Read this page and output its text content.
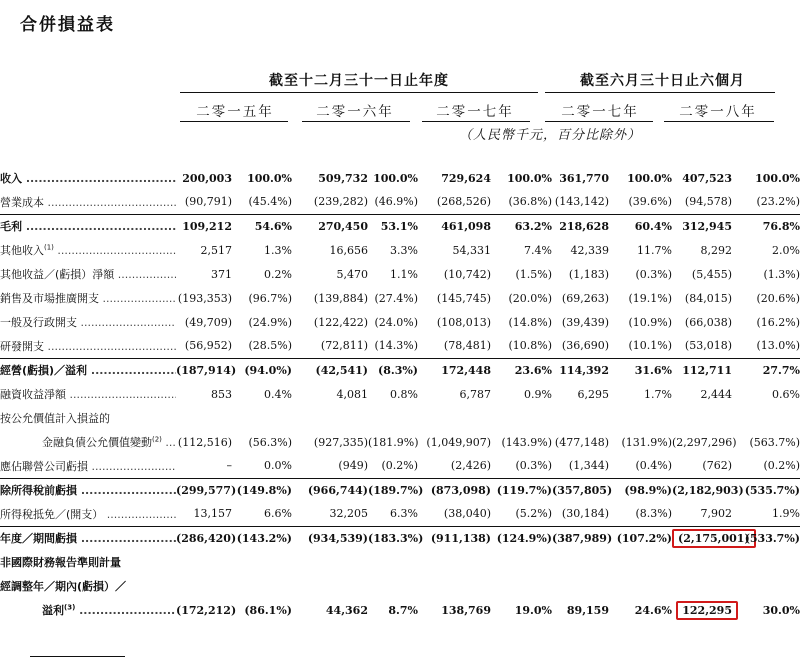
合併損益表
截至十二月三十一日止年度	截至六月三十日止六個月
二零一五年	二零一六年	二零一七年	二零一七年	二零一八年
（人民幣千元，百分比除外）
收入 .....	200,003	100.0%	509,732	100.0%	729,624	100.0%	361,770	100.0%	407,523	100.0%
營業成本 .....	(90,791)	(45.4%)	(239,282)	(46.9%)	(268,526)	(36.8%)	(143,142)	(39.6%)	(94,578)	(23.2%)
毛利 .....	109,212	54.6%	270,450	53.1%	461,098	63.2%	218,628	60.4%	312,945	76.8%
其他收入$^{(1)}$ .....	2,517	1.3%	16,656	3.3%	54,331	7.4%	42,339	11.7%	8,292	2.0%
其他收益／(虧損）淨額 .....	371	0.2%	5,470	1.1%	(10,742)	(1.5%)	(1,183)	(0.3%)	(5,455)	(1.3%)
銷售及市場推廣開支 .....	(193,353)	(96.7%)	(139,884)	(27.4%)	(145,745)	(20.0%)	(69,263)	(19.1%)	(84,015)	(20.6%)
一般及行政開支 .....	(49,709)	(24.9%)	(122,422)	(24.0%)	(108,013)	(14.8%)	(39,439)	(10.9%)	(66,038)	(16.2%)
研發開支 .....	(56,952)	(28.5%)	(72,811)	(14.3%)	(78,481)	(10.8%)	(36,690)	(10.1%)	(53,018)	(13.0%)
經營(虧損)／溢利 .....	(187,914)	(94.0%)	(42,541)	(8.3%)	172,448	23.6%	114,392	31.6%	112,711	27.7%
融資收益淨額 .....	853	0.4%	4,081	0.8%	6,787	0.9%	6,295	1.7%	2,444	0.6%
按公允價值計入損益的										
金融負債公允價值變動$^{(2)}$ .....	(112,516)	(56.3%)	(927,335)	(181.9%)	(1,049,907)	(143.9%)	(477,148)	(131.9%)	(2,297,296)	(563.7%)
應佔聯營公司虧損 .....	–	0.0%	(949)	(0.2%)	(2,426)	(0.3%)	(1,344)	(0.4%)	(762)	(0.2%)
除所得稅前虧損 .....	(299,577)	(149.8%)	(966,744)	(189.7%)	(873,098)	(119.7%)	(357,805)	(98.9%)	(2,182,903)	(535.7%)
所得稅抵免／(開支） .....	13,157	6.6%	32,205	6.3%	(38,040)	(5.2%)	(30,184)	(8.3%)	7,902	1.9%
年度／期間虧損 .....	(286,420)	(143.2%)	(934,539)	(183.3%)	(911,138)	(124.9%)	(387,989)	(107.2%)	(2,175,001)	(533.7%)
非國際財務報告準則計量										
經調整年／期內(虧損）／										
溢利$^{(3)}$ .....	(172,212)	(86.1%)	44,362	8.7%	138,769	19.0%	89,159	24.6%	122,295	30.0%
